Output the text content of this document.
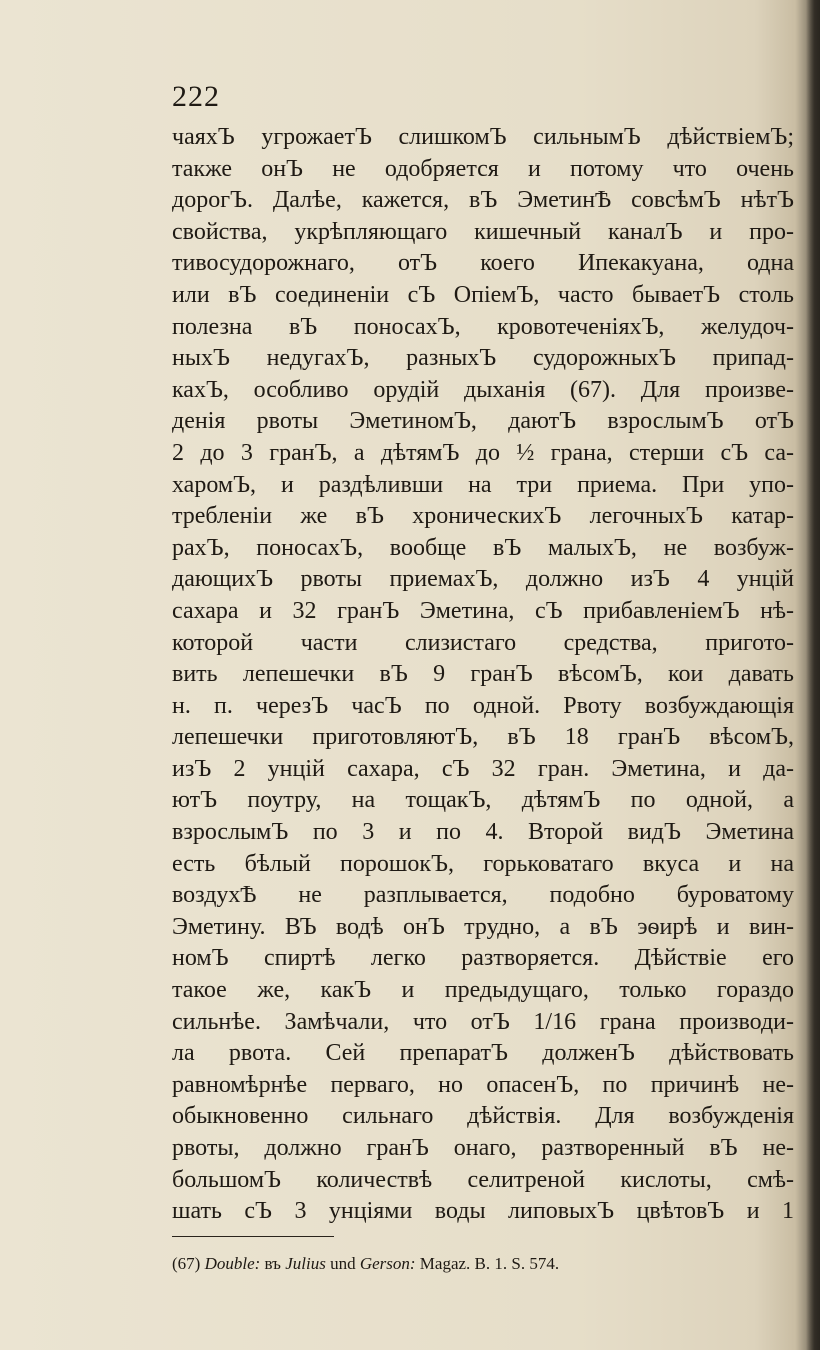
222
чаяхЪ угрожаетЪ слишкомЪ сильнымЪ дѣйствіемЪ;
также онЪ не одобряется и потому что очень
дорогЪ. Далѣе, кажется, вЪ ЭметинѢ совсѣмЪ нѣтЪ
свойства, укрѣпляющаго кишечный каналЪ и про-
тивосудорожнаго, отЪ коего Ипекакуана, одна
или вЪ соединеніи сЪ ОпіемЪ, часто бываетЪ столь
полезна вЪ поносахЪ, кровотеченіяхЪ, желудоч-
ныхЪ недугахЪ, разныхЪ судорожныхЪ припад-
кахЪ, особливо орудій дыханія (67). Для произве-
денія рвоты ЭметиномЪ, даютЪ взрослымЪ отЪ
2 до 3 гранЪ, а дѣтямЪ до ½ грана, стерши сЪ са-
харомЪ, и раздѣливши на три приема. При упо-
требленіи же вЪ хроническихЪ легочныхЪ катар-
рахЪ, поносахЪ, вообще вЪ малыхЪ, не возбуж-
дающихЪ рвоты приемахЪ, должно изЪ 4 унцій
сахара и 32 гранЪ Эметина, сЪ прибавленіемЪ нѣ-
которой части слизистаго средства, пригото-
вить лепешечки вЪ 9 гранЪ вѣсомЪ, кои давать
н. п. черезЪ часЪ по одной. Рвоту возбуждающія
лепешечки приготовляютЪ, вЪ 18 гранЪ вѣсомЪ,
изЪ 2 унцій сахара, сЪ 32 гран. Эметина, и да-
ютЪ поутру, на тощакЪ, дѣтямЪ по одной, а
взрослымЪ по 3 и по 4. Второй видЪ Эметина
есть бѣлый порошокЪ, горьковатаго вкуса и на
воздухѢ не разплывается, подобно буроватому
Эметину. ВЪ водѣ онЪ трудно, а вЪ эѳирѣ и вин-
номЪ спиртѣ легко разтворяется. Дѣйствіе его
такое же, какЪ и предыдущаго, только гораздо
сильнѣе. Замѣчали, что отЪ 1/16 грана производи-
ла рвота. Сей препаратЪ долженЪ дѣйствовать
равномѣрнѣе перваго, но опасенЪ, по причинѣ не-
обыкновенно сильнаго дѣйствія. Для возбужденія
рвоты, должно гранЪ онаго, разтворенный вЪ не-
большомЪ количествѣ селитреной кислоты, смѣ-
шать сЪ 3 унціями воды липовыхЪ цвѣтовЪ и 1
(67) Double: въ Julius und Gerson: Magaz. B. 1. S. 574.
